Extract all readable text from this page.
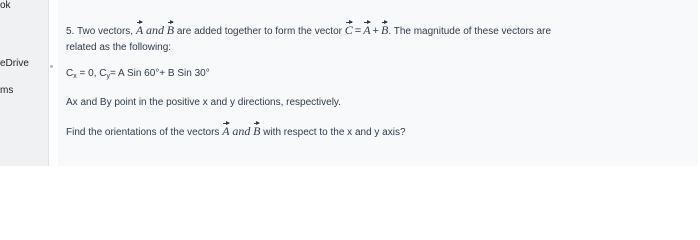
ok
eDrive
ms
5. Two vectors, A and B are added together to form the vector C = A + B. The magnitude of these vectors are
related as the following:
$C_x = 0$, $C_y= A$ Sin 60°+ B Sin 30°
Ax and By point in the positive x and y directions, respectively.
Find the orientations of the vectors A and B with respect to the x and y axis?
